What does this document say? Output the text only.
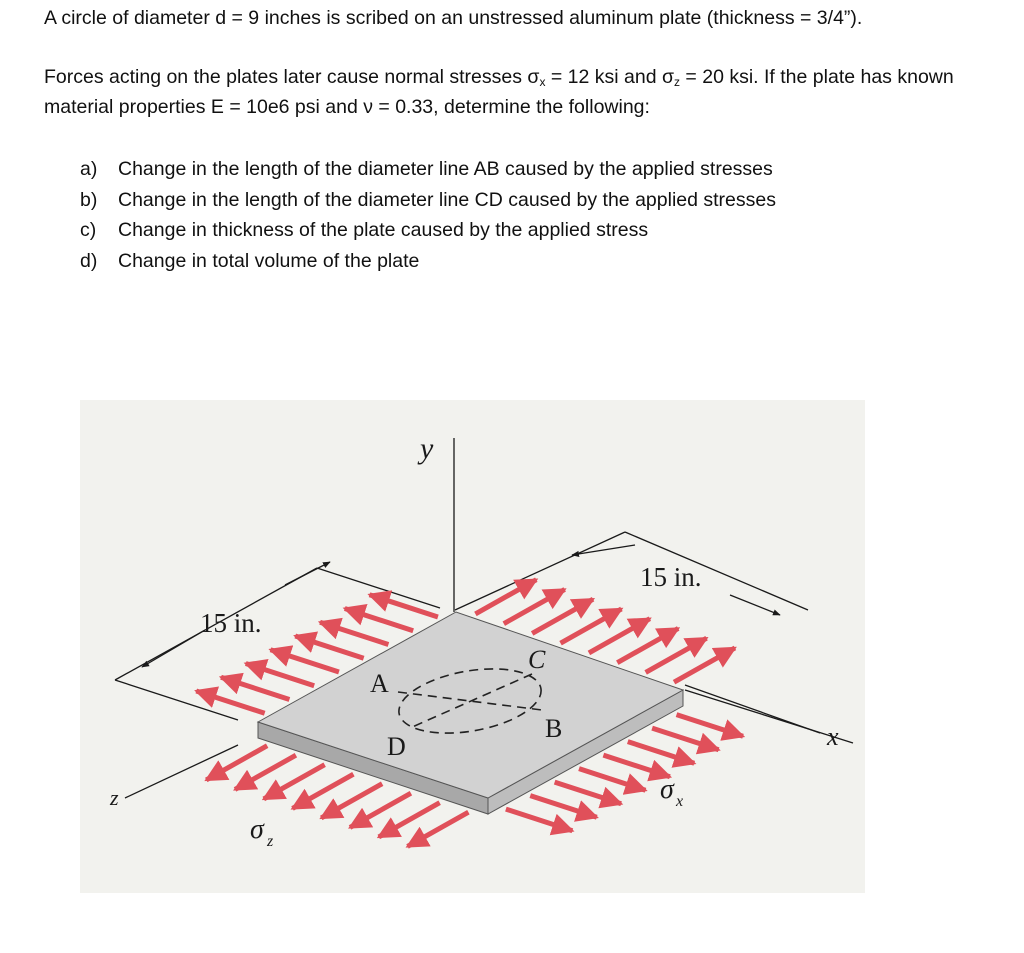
A circle of diameter d = 9 inches is scribed on an unstressed aluminum plate (thickness = 3/4”).

Forces acting on the plates later cause normal stresses $\sigma_x = 12$ ksi and $\sigma_z = 20$ ksi. If the plate has known material properties E = 10e6 psi and ν = 0.33, determine the following:

a)	Change in the length of the diameter line AB caused by the applied stresses
b)	Change in the length of the diameter line CD caused by the applied stresses
c)	Change in thickness of the plate caused by the applied stress
d)	Change in total volume of the plate
15 in.
15 in.
y
x
z
A
B
C
D
σ x
σ z
